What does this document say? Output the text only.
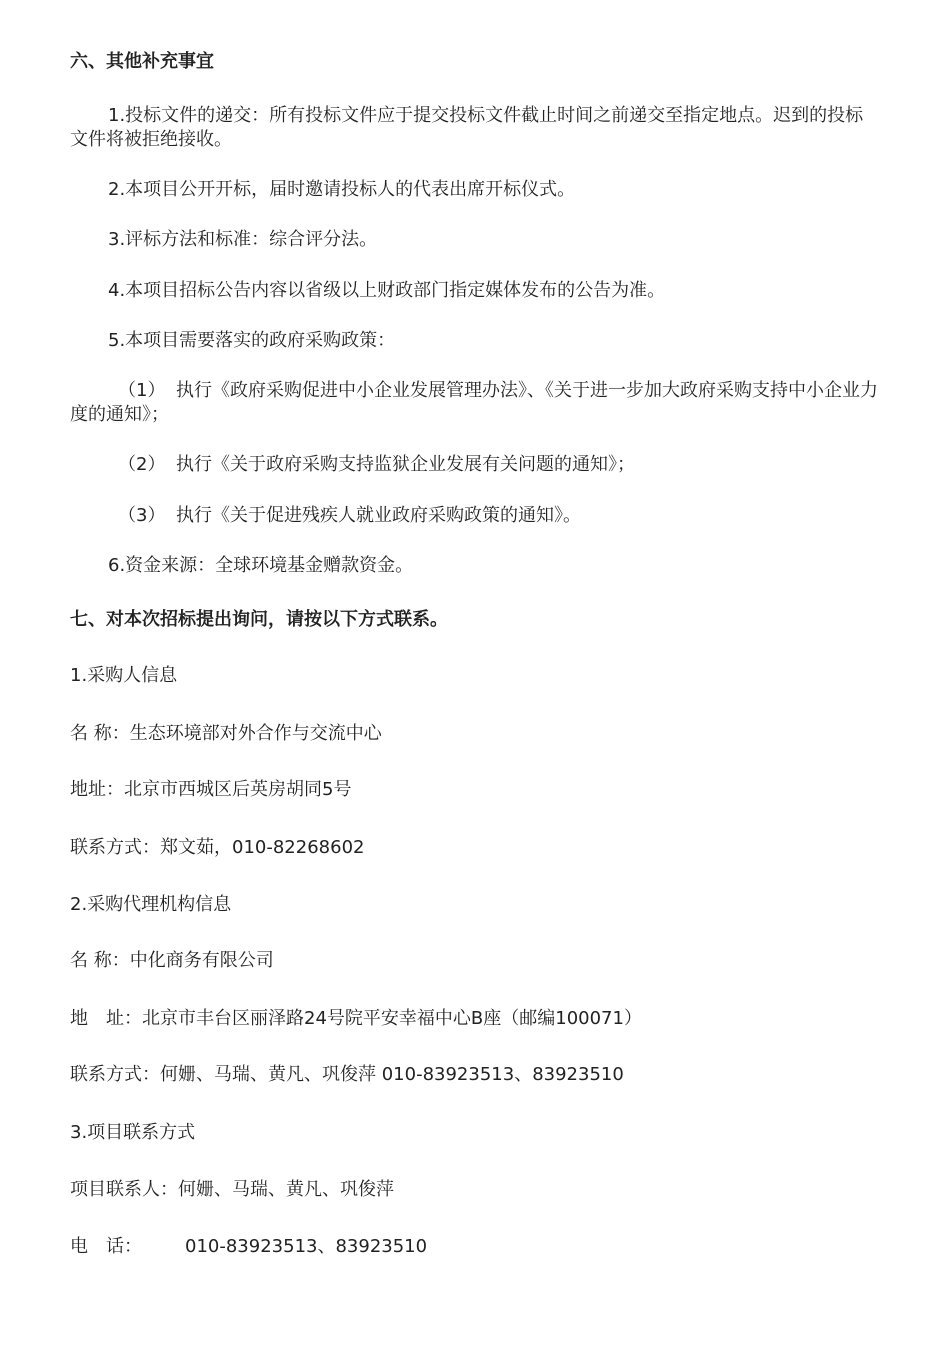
六、其他补充事宜
1.投标文件的递交：所有投标文件应于提交投标文件截止时间之前递交至指定地点。迟到的投标文件将被拒绝接收。
2.本项目公开开标，届时邀请投标人的代表出席开标仪式。
3.评标方法和标准：综合评分法。
4.本项目招标公告内容以省级以上财政部门指定媒体发布的公告为准。
5.本项目需要落实的政府采购政策：
（1） 执行《政府采购促进中小企业发展管理办法》、《关于进一步加大政府采购支持中小企业力度的通知》；
（2） 执行《关于政府采购支持监狱企业发展有关问题的通知》；
（3） 执行《关于促进残疾人就业政府采购政策的通知》。
6.资金来源：全球环境基金赠款资金。
七、对本次招标提出询问，请按以下方式联系。
1.采购人信息
名 称：生态环境部对外合作与交流中心
地址：北京市西城区后英房胡同5号
联系方式：郑文茹，010-82268602
2.采购代理机构信息
名 称：中化商务有限公司
地　址：北京市丰台区丽泽路24号院平安幸福中心B座（邮编100071）
联系方式：何姗、马瑞、黄凡、巩俊萍 010-83923513、83923510
3.项目联系方式
项目联系人：何姗、马瑞、黄凡、巩俊萍
电　话： 010-83923513、83923510
